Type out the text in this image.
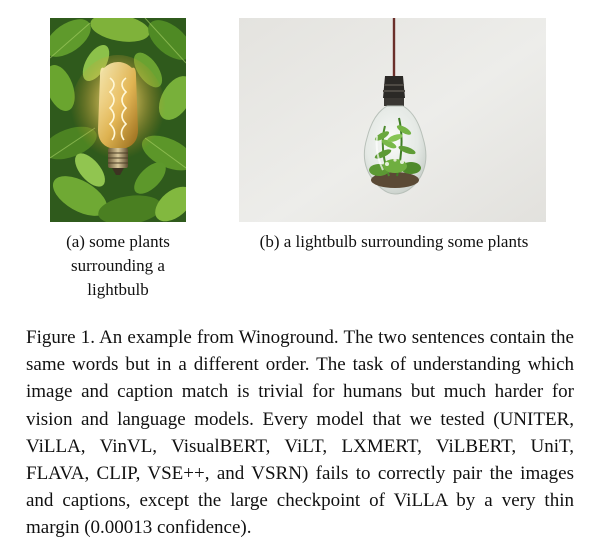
(a) some plants surrounding a lightbulb
(b) a lightbulb surrounding some plants
Figure 1. An example from Winoground. The two sentences contain the same words but in a different order. The task of understanding which image and caption match is trivial for humans but much harder for vision and language models. Every model that we tested (UNITER, ViLLA, VinVL, VisualBERT, ViLT, LXMERT, ViLBERT, UniT, FLAVA, CLIP, VSE++, and VSRN) fails to correctly pair the images and captions, except the large checkpoint of ViLLA by a very thin margin (0.00013 confidence).
